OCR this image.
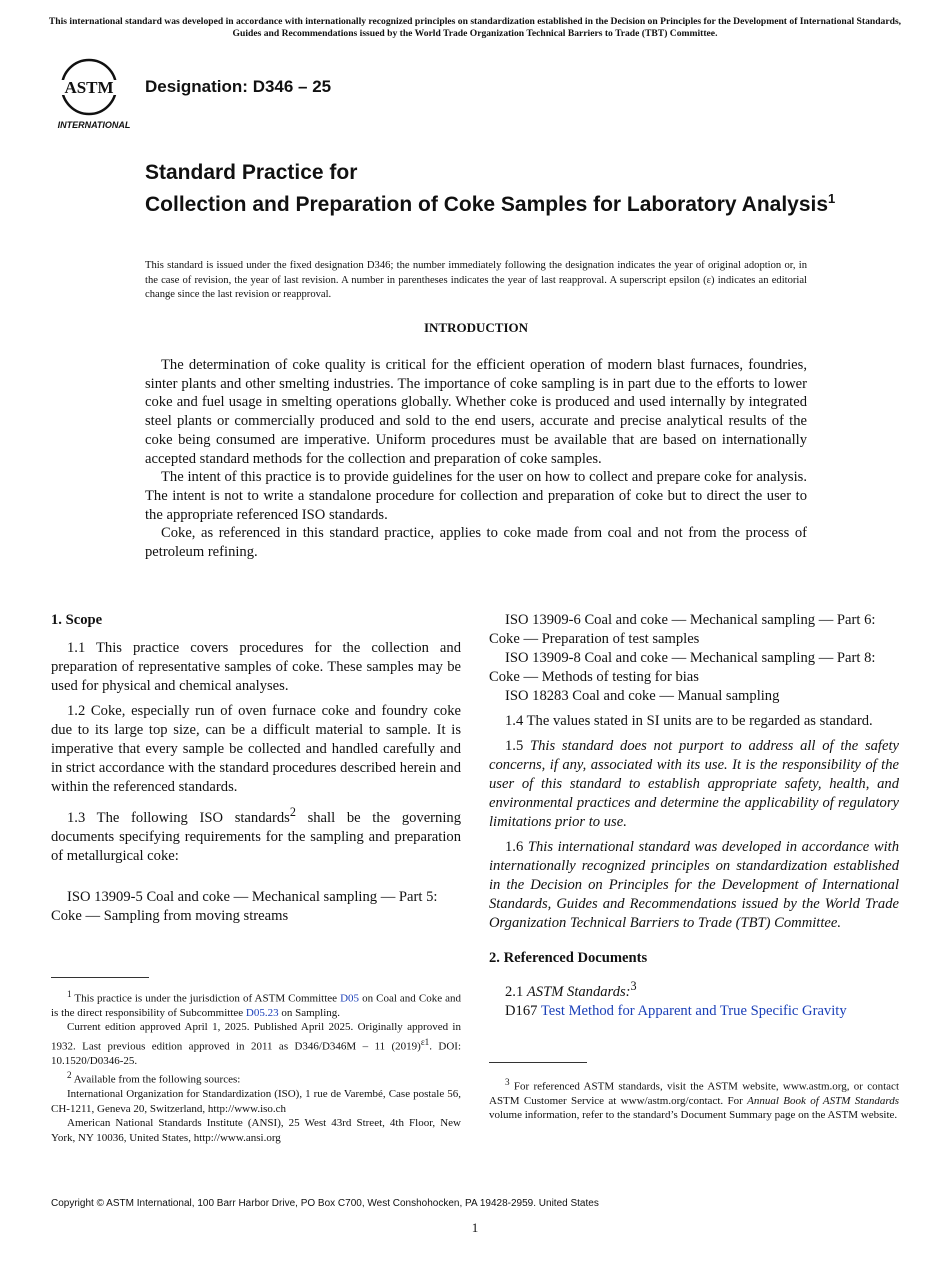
This international standard was developed in accordance with internationally recognized principles on standardization established in the Decision on Principles for the Development of International Standards, Guides and Recommendations issued by the World Trade Organization Technical Barriers to Trade (TBT) Committee.
ASTM
INTERNATIONAL
Designation: D346 – 25
Standard Practice for
Collection and Preparation of Coke Samples for Laboratory Analysis$^1$
This standard is issued under the fixed designation D346; the number immediately following the designation indicates the year of original adoption or, in the case of revision, the year of last revision. A number in parentheses indicates the year of last reapproval. A superscript epsilon (ε) indicates an editorial change since the last revision or reapproval.
INTRODUCTION

The determination of coke quality is critical for the efficient operation of modern blast furnaces, foundries, sinter plants and other smelting industries. The importance of coke sampling is in part due to the efforts to lower coke and fuel usage in smelting operations globally. Whether coke is produced and used internally by integrated steel plants or commercially produced and sold to the end users, accurate and precise analytical results of the coke being consumed are imperative. Uniform procedures must be available that are based on internationally accepted standard methods for the collection and preparation of coke samples.

The intent of this practice is to provide guidelines for the user on how to collect and prepare coke for analysis. The intent is not to write a standalone procedure for collection and preparation of coke but to direct the user to the appropriate referenced ISO standards.

Coke, as referenced in this standard practice, applies to coke made from coal and not from the process of petroleum refining.

1. Scope

1.1 This practice covers procedures for the collection and preparation of representative samples of coke. These samples may be used for physical and chemical analyses.

1.2 Coke, especially run of oven furnace coke and foundry coke due to its large top size, can be a difficult material to sample. It is imperative that every sample be collected and handled carefully and in strict accordance with the standard procedures described herein and within the referenced standards.

1.3 The following ISO standards$^2$ shall be the governing documents specifying requirements for the sampling and preparation of metallurgical coke:

ISO 13909-5 Coal and coke — Mechanical sampling — Part 5: Coke — Sampling from moving streams

ISO 13909-6 Coal and coke — Mechanical sampling — Part 6: Coke — Preparation of test samples

ISO 13909-8 Coal and coke — Mechanical sampling — Part 8: Coke — Methods of testing for bias

ISO 18283 Coal and coke — Manual sampling

1.4 The values stated in SI units are to be regarded as standard.

1.5 This standard does not purport to address all of the safety concerns, if any, associated with its use. It is the responsibility of the user of this standard to establish appropriate safety, health, and environmental practices and determine the applicability of regulatory limitations prior to use.

1.6 This international standard was developed in accordance with internationally recognized principles on standardization established in the Decision on Principles for the Development of International Standards, Guides and Recommendations issued by the World Trade Organization Technical Barriers to Trade (TBT) Committee.

2. Referenced Documents

2.1 ASTM Standards:$^3$

D167 Test Method for Apparent and True Specific Gravity

$^1$ This practice is under the jurisdiction of ASTM Committee D05 on Coal and Coke and is the direct responsibility of Subcommittee D05.23 on Sampling.

Current edition approved April 1, 2025. Published April 2025. Originally approved in 1932. Last previous edition approved in 2011 as D346/D346M – 11 $(2019)^{\varepsilon 1}$. DOI: 10.1520/D0346-25.

$^2$ Available from the following sources:

International Organization for Standardization (ISO), 1 rue de Varembé, Case postale 56, CH-1211, Geneva 20, Switzerland, http://www.iso.ch

American National Standards Institute (ANSI), 25 West 43rd Street, 4th Floor, New York, NY 10036, United States, http://www.ansi.org

$^3$ For referenced ASTM standards, visit the ASTM website, www.astm.org, or contact ASTM Customer Service at www/astm.org/contact. For Annual Book of ASTM Standards volume information, refer to the standard’s Document Summary page on the ASTM website.

Copyright © ASTM International, 100 Barr Harbor Drive, PO Box C700, West Conshohocken, PA 19428-2959. United States
1
